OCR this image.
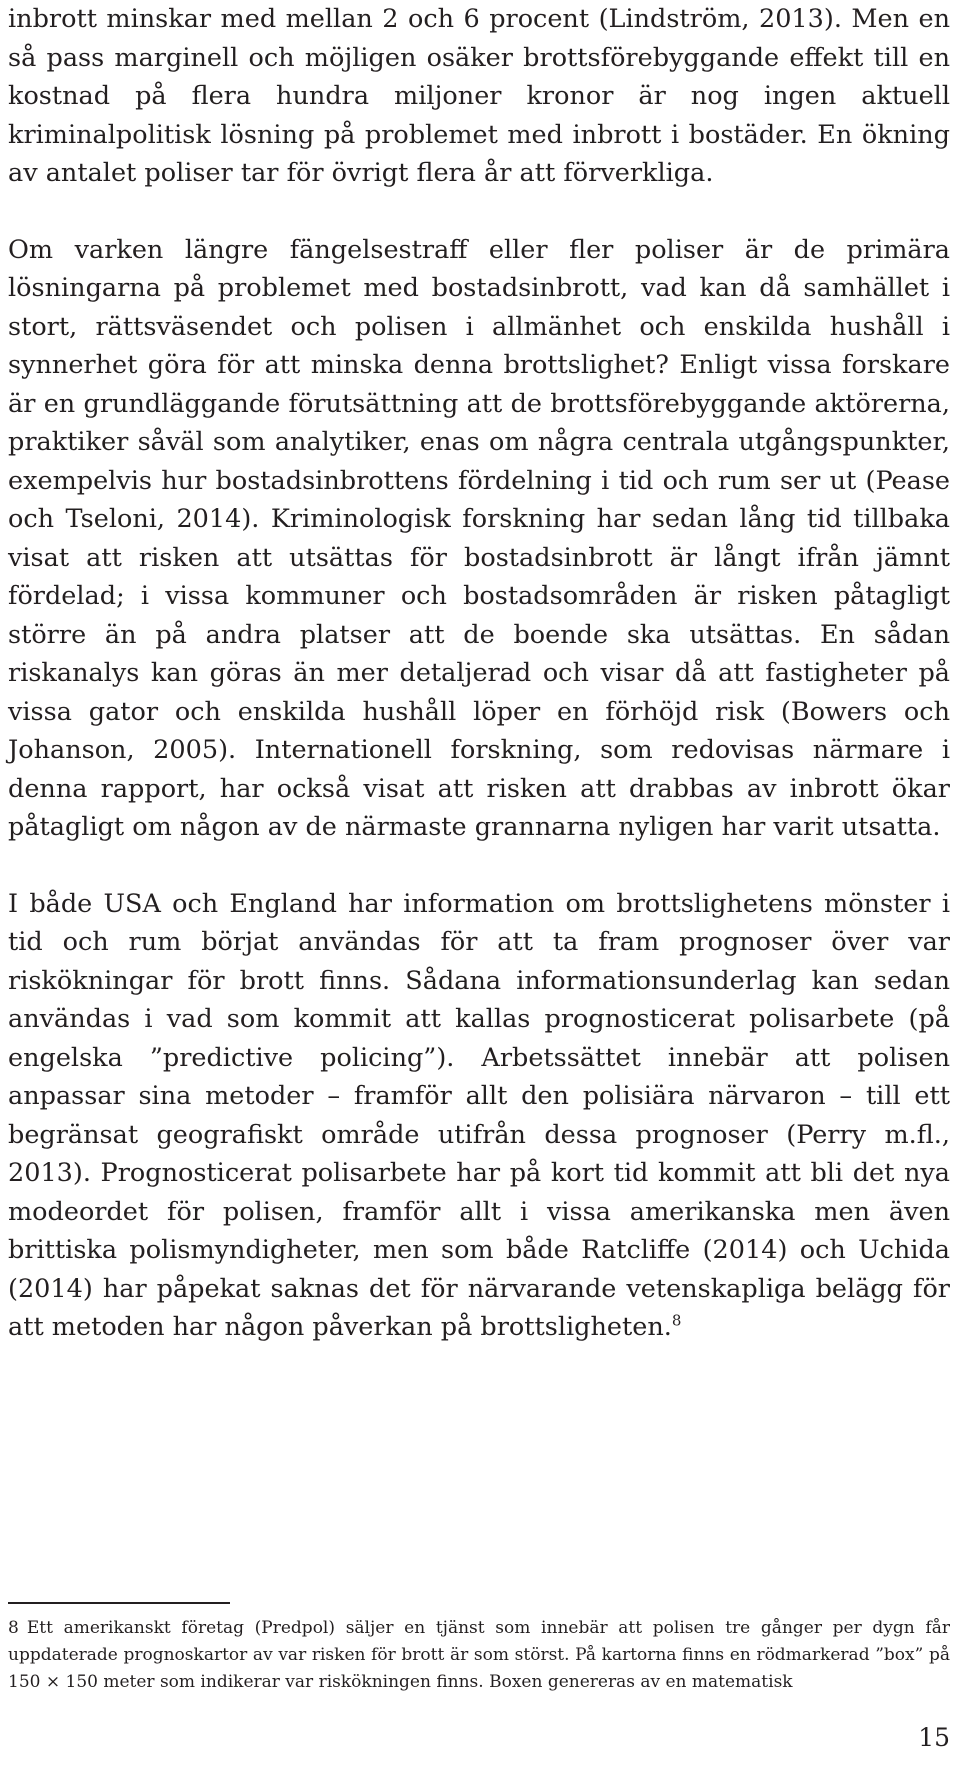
inbrott minskar med mellan 2 och 6 procent (Lindström, 2013). Men en så pass marginell och möjligen osäker brottsförebyggande effekt till en kostnad på flera hundra miljoner kronor är nog ingen aktuell kriminalpolitisk lösning på problemet med inbrott i bostäder. En ökning av antalet poliser tar för övrigt flera år att förverkliga.

Om varken längre fängelsestraff eller fler poliser är de primära lösningarna på problemet med bostadsinbrott, vad kan då samhället i stort, rättsväsendet och polisen i allmänhet och enskilda hushåll i synnerhet göra för att minska denna brottslighet? Enligt vissa forskare är en grundläggande förutsättning att de brottsförebyggande aktörerna, praktiker såväl som analytiker, enas om några centrala utgångspunkter, exempelvis hur bostadsinbrottens fördelning i tid och rum ser ut (Pease och Tseloni, 2014). Kriminologisk forskning har sedan lång tid tillbaka visat att risken att utsättas för bostadsinbrott är långt ifrån jämnt fördelad; i vissa kommuner och bostadsområden är risken påtagligt större än på andra platser att de boende ska utsättas. En sådan riskanalys kan göras än mer detaljerad och visar då att fastigheter på vissa gator och enskilda hushåll löper en förhöjd risk (Bowers och Johanson, 2005). Internationell forskning, som redovisas närmare i denna rapport, har också visat att risken att drabbas av inbrott ökar påtagligt om någon av de närmaste grannarna nyligen har varit utsatta.

I både USA och England har information om brottslighetens mönster i tid och rum börjat användas för att ta fram prognoser över var riskökningar för brott finns. Sådana informationsunderlag kan sedan användas i vad som kommit att kallas prognosticerat polisarbete (på engelska ”predictive policing”). Arbetssättet innebär att polisen anpassar sina metoder – framför allt den polisiära närvaron – till ett begränsat geografiskt område utifrån dessa prognoser (Perry m.fl., 2013). Prognosticerat polisarbete har på kort tid kommit att bli det nya modeordet för polisen, framför allt i vissa amerikanska men även brittiska polismyndigheter, men som både Ratcliffe (2014) och Uchida (2014) har påpekat saknas det för närvarande vetenskapliga belägg för att metoden har någon påverkan på brottsligheten.$^8$

8 Ett amerikanskt företag (Predpol) säljer en tjänst som innebär att polisen tre gånger per dygn får uppdaterade prognoskartor av var risken för brott är som störst. På kartorna finns en rödmarkerad ”box” på 150 × 150 meter som indikerar var riskökningen finns. Boxen genereras av en matematisk

15
